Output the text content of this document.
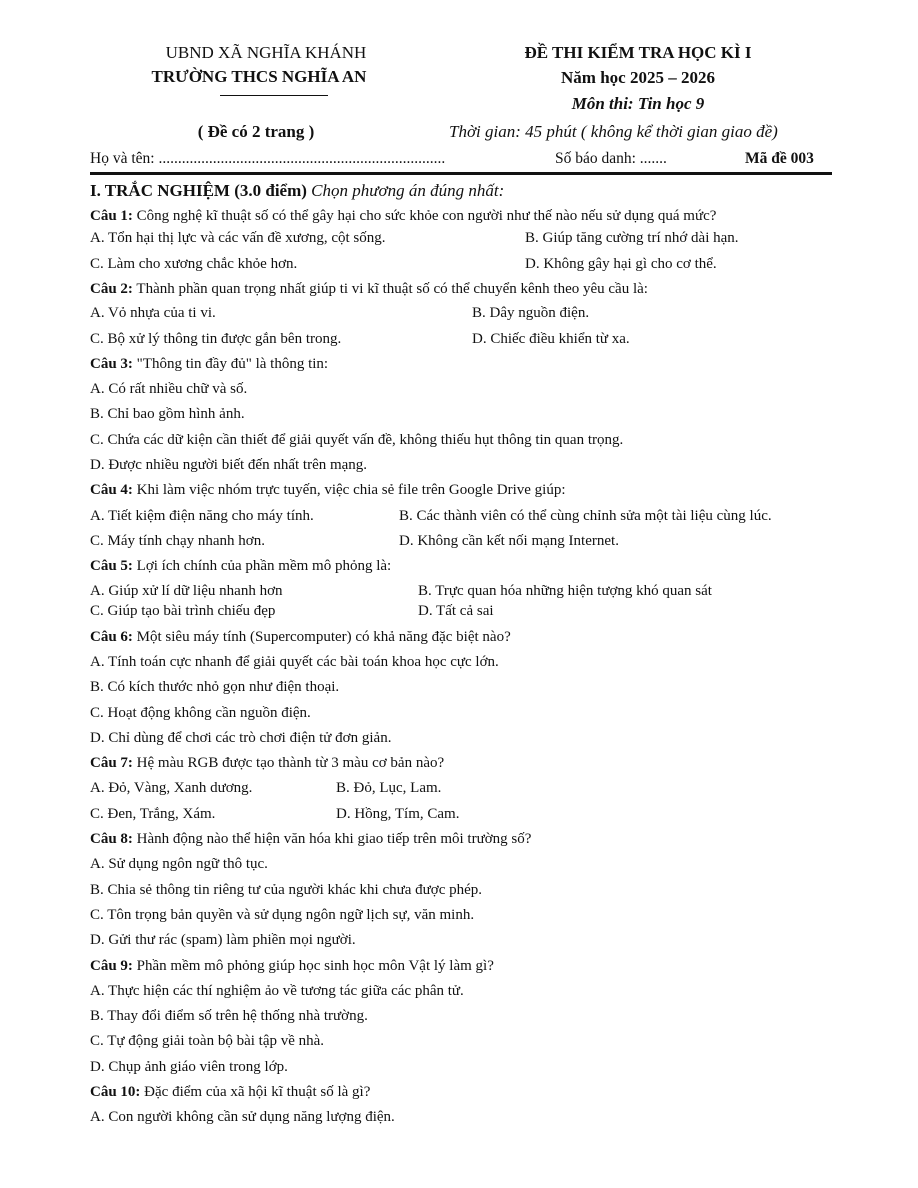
UBND XÃ NGHĨA KHÁNH
TRƯỜNG THCS NGHĨA AN
( Đề có 2 trang )
ĐỀ THI KIỂM TRA HỌC KÌ I
Năm học 2025 – 2026
Môn thi: Tin học 9
Thời gian: 45 phút ( không kể thời gian giao đề)
Họ và tên: ..........................................................................	Số báo danh: .......	Mã đề 003
I. TRẮC NGHIỆM (3.0 điểm) Chọn phương án đúng nhất:
Câu 1: Công nghệ kĩ thuật số có thể gây hại cho sức khỏe con người như thế nào nếu sử dụng quá mức?
A. Tổn hại thị lực và các vấn đề xương, cột sống.	B. Giúp tăng cường trí nhớ dài hạn.
C. Làm cho xương chắc khỏe hơn.	D. Không gây hại gì cho cơ thể.
Câu 2: Thành phần quan trọng nhất giúp ti vi kĩ thuật số có thể chuyển kênh theo yêu cầu là:
A. Vỏ nhựa của ti vi.	B. Dây nguồn điện.
C. Bộ xử lý thông tin được gắn bên trong.	D. Chiếc điều khiển từ xa.
Câu 3: "Thông tin đầy đủ" là thông tin:
A. Có rất nhiều chữ và số.
B. Chỉ bao gồm hình ảnh.
C. Chứa các dữ kiện cần thiết để giải quyết vấn đề, không thiếu hụt thông tin quan trọng.
D. Được nhiều người biết đến nhất trên mạng.
Câu 4: Khi làm việc nhóm trực tuyến, việc chia sẻ file trên Google Drive giúp:
A. Tiết kiệm điện năng cho máy tính.	B. Các thành viên có thể cùng chỉnh sửa một tài liệu cùng lúc.
C. Máy tính chạy nhanh hơn.	D. Không cần kết nối mạng Internet.
Câu 5: Lợi ích chính của phần mềm mô phỏng là:
A. Giúp xử lí dữ liệu nhanh hơn	B. Trực quan hóa những hiện tượng khó quan sát
C. Giúp tạo bài trình chiếu đẹp	D. Tất cả sai
Câu 6: Một siêu máy tính (Supercomputer) có khả năng đặc biệt nào?
A. Tính toán cực nhanh để giải quyết các bài toán khoa học cực lớn.
B. Có kích thước nhỏ gọn như điện thoại.
C. Hoạt động không cần nguồn điện.
D. Chỉ dùng để chơi các trò chơi điện tử đơn giản.
Câu 7: Hệ màu RGB được tạo thành từ 3 màu cơ bản nào?
A. Đỏ, Vàng, Xanh dương.	B. Đỏ, Lục, Lam.
C. Đen, Trắng, Xám.	D. Hồng, Tím, Cam.
Câu 8: Hành động nào thể hiện văn hóa khi giao tiếp trên môi trường số?
A. Sử dụng ngôn ngữ thô tục.
B. Chia sẻ thông tin riêng tư của người khác khi chưa được phép.
C. Tôn trọng bản quyền và sử dụng ngôn ngữ lịch sự, văn minh.
D. Gửi thư rác (spam) làm phiền mọi người.
Câu 9: Phần mềm mô phỏng giúp học sinh học môn Vật lý làm gì?
A. Thực hiện các thí nghiệm ảo về tương tác giữa các phân tử.
B. Thay đổi điểm số trên hệ thống nhà trường.
C. Tự động giải toàn bộ bài tập về nhà.
D. Chụp ảnh giáo viên trong lớp.
Câu 10: Đặc điểm của xã hội kĩ thuật số là gì?
A. Con người không cần sử dụng năng lượng điện.
